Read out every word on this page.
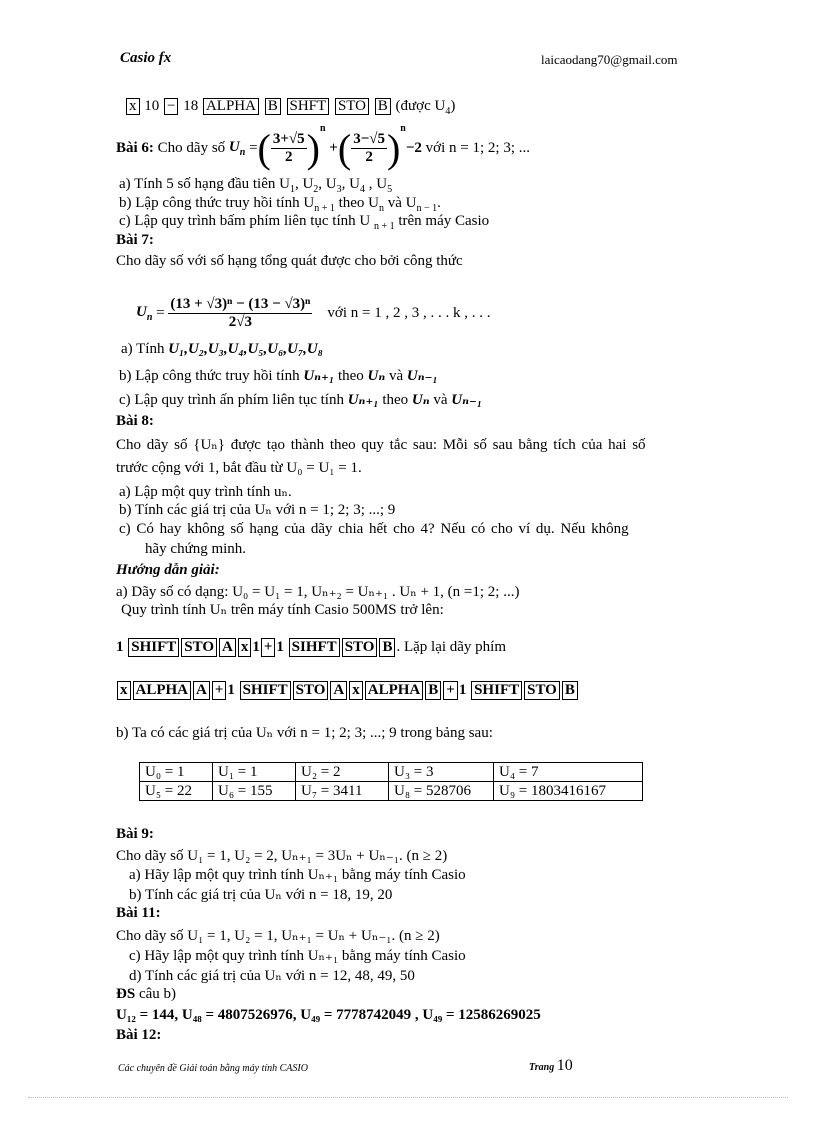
Casio fx	laicaodang70@gmail.com
x 10 − 18 ALPHA B SHFT STO B (được $U_4$)
Bài 6:
Cho dãy số
$U_n$ = ( $\frac{3+√5}{2} )^n$
+ ( $\frac{3-√5}{2} )^n$
−2
với n = 1; 2; 3; ...
a) Tính 5 số hạng đầu tiên $U_1$, $U_2$, $U_3$, $U_4$ , $U_5$
b) Lập công thức truy hồi tính $U_{n + 1}$ theo $U_n$ và $U_{n - 1}$.
c) Lập quy trình bấm phím liên tục tính U $_{n + 1}$ trên máy Casio
Bài 7:
Cho dãy số với số hạng tổng quát được cho bởi công thức
$U_n = \frac{\text{(13 + √3)ⁿ − (13 − √3)ⁿ}}{2√3}$
với n = 1 , 2 , 3 , . . . k , . . .
a) Tính U₁,U₂,U₃,U₄,U₅,U₆,U₇,U₈
b) Lập công thức truy hồi tính Uₙ₊₁ theo Uₙ và Uₙ₋₁
c) Lập quy trình ấn phím liên tục tính Uₙ₊₁ theo Uₙ và Uₙ₋₁
Bài 8:
Cho dãy số {Uₙ} được tạo thành theo quy tắc sau: Mỗi số sau bằng tích của hai số
trước cộng với 1, bắt đầu từ U₀ = U₁ = 1.
a) Lập một quy trình tính uₙ.
b) Tính các giá trị của Uₙ với n = 1; 2; 3; ...; 9
c) Có hay không số hạng của dãy chia hết cho 4? Nếu có cho ví dụ. Nếu không
hãy chứng minh.
Hướng dẫn giải:
a) Dãy số có dạng: U₀ = U₁ = 1, Uₙ₊₂ = Uₙ₊₁ . Uₙ + 1, (n =1; 2; ...)
Quy trình tính Uₙ trên máy tính Casio 500MS trở lên:
1 SHIFT STO A x 1 + 1 SIHFT STO B . Lặp lại dãy phím
x ALPHA A + 1 SHIFT STO A x ALPHA B + 1 SHIFT STO B
b) Ta có các giá trị của Uₙ với n = 1; 2; 3; ...; 9 trong bảng sau:
U₀ = 1	U₁ = 1	U₂ = 2	U₃ = 3	U₄ = 7
U₅ = 22	U₆ = 155	U₇ = 3411	U₈ = 528706	U₉ = 1803416167
Bài 9:
Cho dãy số U₁ = 1, U₂ = 2, Uₙ₊₁ = 3Uₙ + Uₙ₋₁. (n ≥ 2)
a) Hãy lập một quy trình tính Uₙ₊₁ bằng máy tính Casio
b) Tính các giá trị của Uₙ với n = 18, 19, 20
Bài 11:
Cho dãy số U₁ = 1, U₂ = 1, Uₙ₊₁ = Uₙ + Uₙ₋₁. (n ≥ 2)
c) Hãy lập một quy trình tính Uₙ₊₁ bằng máy tính Casio
d) Tính các giá trị của Uₙ với n = 12, 48, 49, 50
ĐS câu b)
U₁₂ = 144, U₄₈ = 4807526976, U₄₉ = 7778742049 , U₄₉ = 12586269025
Bài 12:
Các chuyên đề Giải toán bằng máy tính CASIO	Trang 10
